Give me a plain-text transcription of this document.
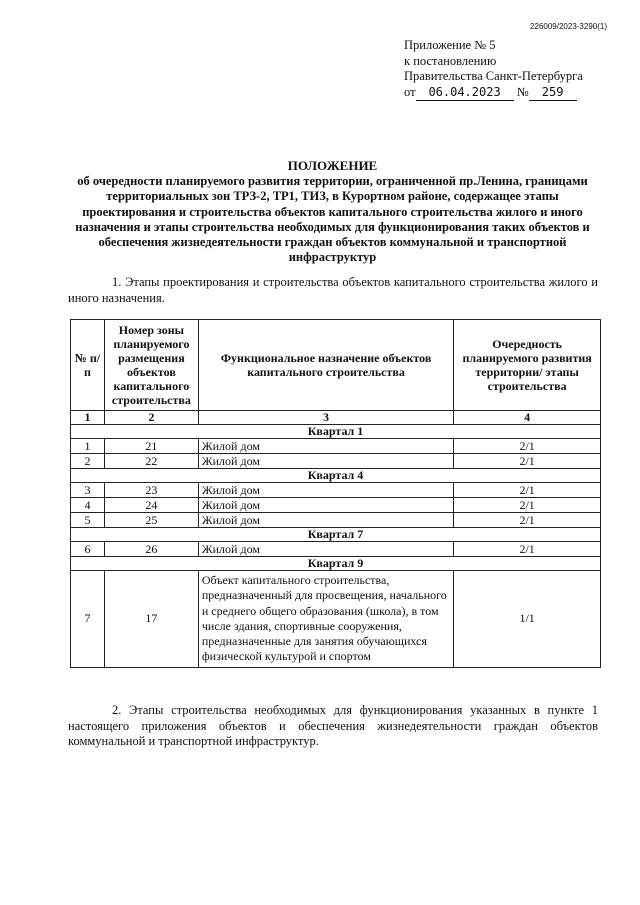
226009/2023-3290(1)
Приложение № 5
к постановлению
Правительства Санкт-Петербурга
от 06.04.2023 № 259
ПОЛОЖЕНИЕ
об очередности планируемого развития территории, ограниченной пр.Ленина, границами территориальных зон ТРЗ-2, ТР1, ТИЗ, в Курортном районе, содержащее этапы проектирования и строительства объектов капитального строительства жилого и иного назначения и этапы строительства необходимых для функционирования таких объектов и обеспечения жизнедеятельности граждан объектов коммунальной и транспортной инфраструктур
1. Этапы проектирования и строительства объектов капитального строительства жилого и иного назначения.
№ п/п	Номер зоны планируемого размещения объектов капитального строительства	Функциональное назначение объектов капитального строительства	Очередность планируемого развития территории/ этапы строительства
1	2	3	4
Квартал 1			
1	21	Жилой дом	2/1
2	22	Жилой дом	2/1
Квартал 4			
3	23	Жилой дом	2/1
4	24	Жилой дом	2/1
5	25	Жилой дом	2/1
Квартал 7			
6	26	Жилой дом	2/1
Квартал 9			
7	17	Объект капитального строительства, предназначенный для просвещения, начального и среднего общего образования (школа), в том числе здания, спортивные сооружения, предназначенные для занятия обучающихся физической культурой и спортом	1/1
2. Этапы строительства необходимых для функционирования указанных в пункте 1 настоящего приложения объектов и обеспечения жизнедеятельности граждан объектов коммунальной и транспортной инфраструктур.
